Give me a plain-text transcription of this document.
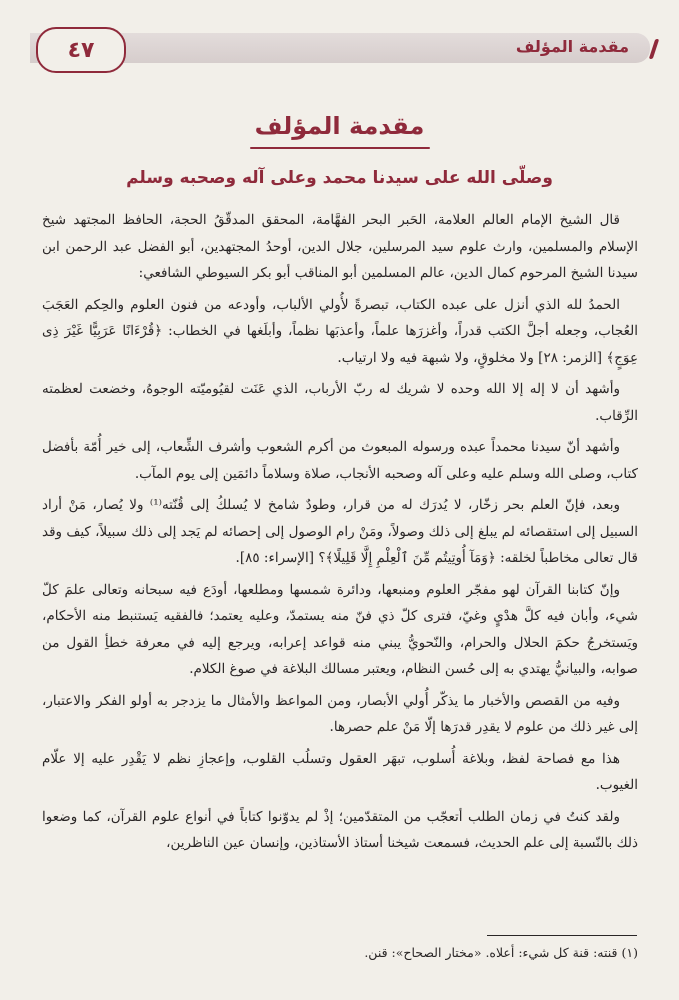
مقدمة المؤلف
٤٧
مقدمة المؤلف
وصلّى الله على سيدنا محمد وعلى آله وصحبه وسلم

قال الشيخ الإمام العالم العلامة، الحَبر البحر الفهَّامة، المحقق المدقّقُ الحجة، الحافظ المجتهد شيخ الإسلام والمسلمين، وارث علوم سيد المرسلين، جلال الدين، أوحدُ المجتهدين، أبو الفضل عبد الرحمن ابن سيدنا الشيخ المرحوم كمال الدين، عالم المسلمين أبو المناقب أبو بكر السيوطي الشافعي:

الحمدُ لله الذي أنزل على عبده الكتاب، تبصرةً لأُولي الألباب، وأودعه من فنون العلوم والحِكم العَجَبَ العُجاب، وجعله أجلَّ الكتب قدراً، وأغزرَها علماً، وأعذبَها نظماً، وأبلَغها في الخطاب: ﴿قُرْءَانًا عَرَبِيًّا غَيْرَ ذِى عِوَجٍ﴾ [الزمر: ٢٨] ولا مخلوقٍ، ولا شبهة فيه ولا ارتياب.

وأشهد أن لا إله إلا الله وحده لا شريك له ربّ الأرباب، الذي عَنَت لقيُوميّته الوجوهُ، وخضعت لعظمته الرِّقاب.

وأشهد أنّ سيدنا محمداً عبده ورسوله المبعوث من أكرم الشعوب وأشرف الشِّعاب، إلى خير أُمّة بأفضل كتاب، وصلى الله وسلم عليه وعلى آله وصحبه الأنجاب، صلاة وسلاماً دائمَين إلى يوم المآب.

وبعد، فإنّ العلم بحر زخّار، لا يُدرَك له من قرار، وطودٌ شامخ لا يُسلكُ إلى قُنّته⁽¹⁾ ولا يُصار، مَنْ أراد السبيل إلى استقصائه لم يبلغ إلى ذلك وصولاً، ومَنْ رام الوصول إلى إحصائه لم يَجد إلى ذلك سبيلاً، كيف وقد قال تعالى مخاطباً لخلقه: ﴿وَمَآ أُوتِيتُم مِّنَ ٱلْعِلْمِ إِلَّا قَلِيلًا﴾؟ [الإسراء: ٨٥].

وإنّ كتابنا القرآن لهو مفجّر العلوم ومنبعها، ودائرة شمسها ومطلعها، أودَع فيه سبحانه وتعالى علمَ كلّ شيء، وأبان فيه كلَّ هدْيٍ وغيّ، فترى كلّ ذي فنّ منه يستمدّ، وعليه يعتمد؛ فالفقيه يَستنبط منه الأحكام، ويَستخرجُ حكمَ الحلال والحرام، والنّحويُّ يبني منه قواعد إعرابه، ويرجع إليه في معرفة خطأِ القول من صوابه، والبيانيُّ يهتدي به إلى حُسن النظام، ويعتبر مسالك البلاغة في صوغ الكلام.

وفيه من القصص والأخبار ما يذكّر أُولي الأبصار، ومن المواعظ والأمثال ما يزدجر به أولو الفكر والاعتبار، إلى غير ذلك من علوم لا يقدِر قدرَها إلّا مَنْ علم حصرها.

هذا مع فصاحة لفظ، وبلاغة أُسلوب، تبهَر العقول وتسلُب القلوب، وإعجازِ نظم لا يَقْدِر عليه إلا علّام الغيوب.

ولقد كنتُ في زمان الطلب أتعجّب من المتقدّمين؛ إذْ لم يدوّنوا كتاباً في أنواع علوم القرآن، كما وضعوا ذلك بالنّسبة إلى علم الحديث، فسمعت شيخنا أستاذ الأستاذين، وإنسان عين الناظرين،

(١) قنته: قنة كل شيء: أعلاه. «مختار الصحاح»: قنن.
